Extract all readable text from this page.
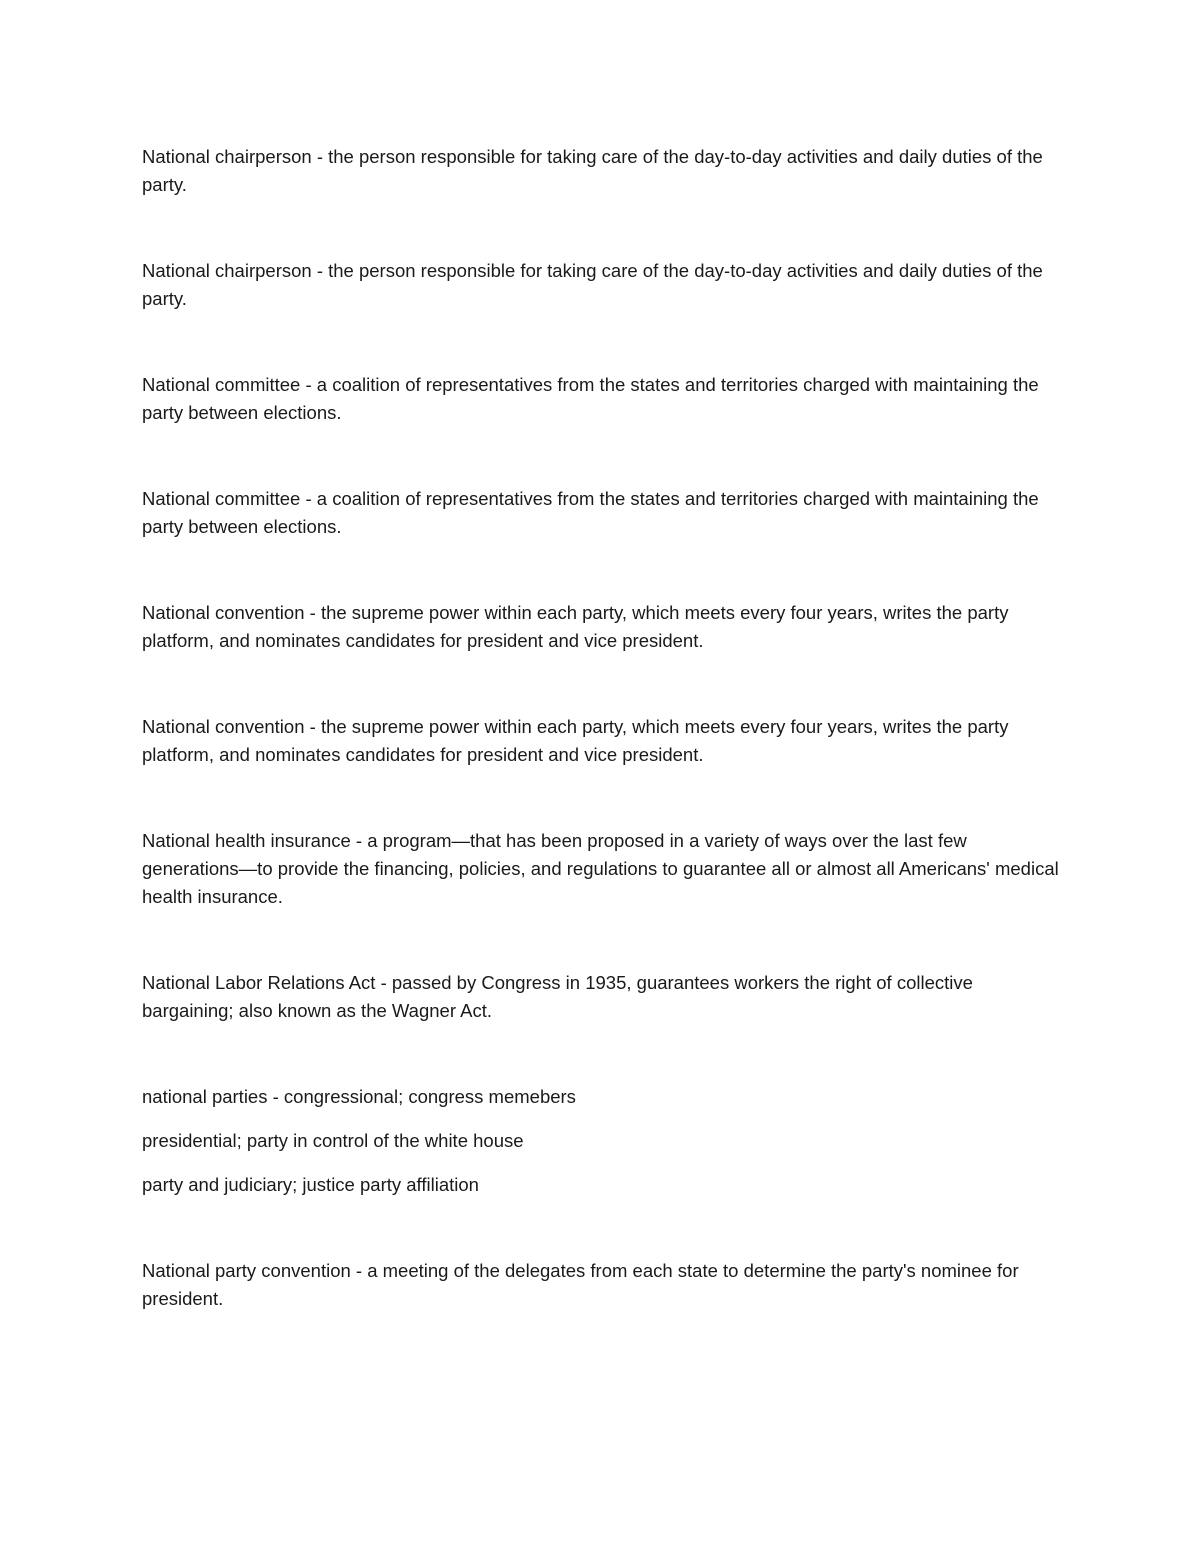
National chairperson - the person responsible for taking care of the day-to-day activities and daily duties of the party.

National chairperson - the person responsible for taking care of the day-to-day activities and daily duties of the party.

National committee - a coalition of representatives from the states and territories charged with maintaining the party between elections.

National committee - a coalition of representatives from the states and territories charged with maintaining the party between elections.

National convention - the supreme power within each party, which meets every four years, writes the party platform, and nominates candidates for president and vice president.

National convention - the supreme power within each party, which meets every four years, writes the party platform, and nominates candidates for president and vice president.

National health insurance - a program—that has been proposed in a variety of ways over the last few generations—to provide the financing, policies, and regulations to guarantee all or almost all Americans' medical health insurance.

National Labor Relations Act - passed by Congress in 1935, guarantees workers the right of collective bargaining; also known as the Wagner Act.

national parties - congressional; congress memebers

presidential; party in control of the white house

party and judiciary; justice party affiliation

National party convention - a meeting of the delegates from each state to determine the party's nominee for president.
